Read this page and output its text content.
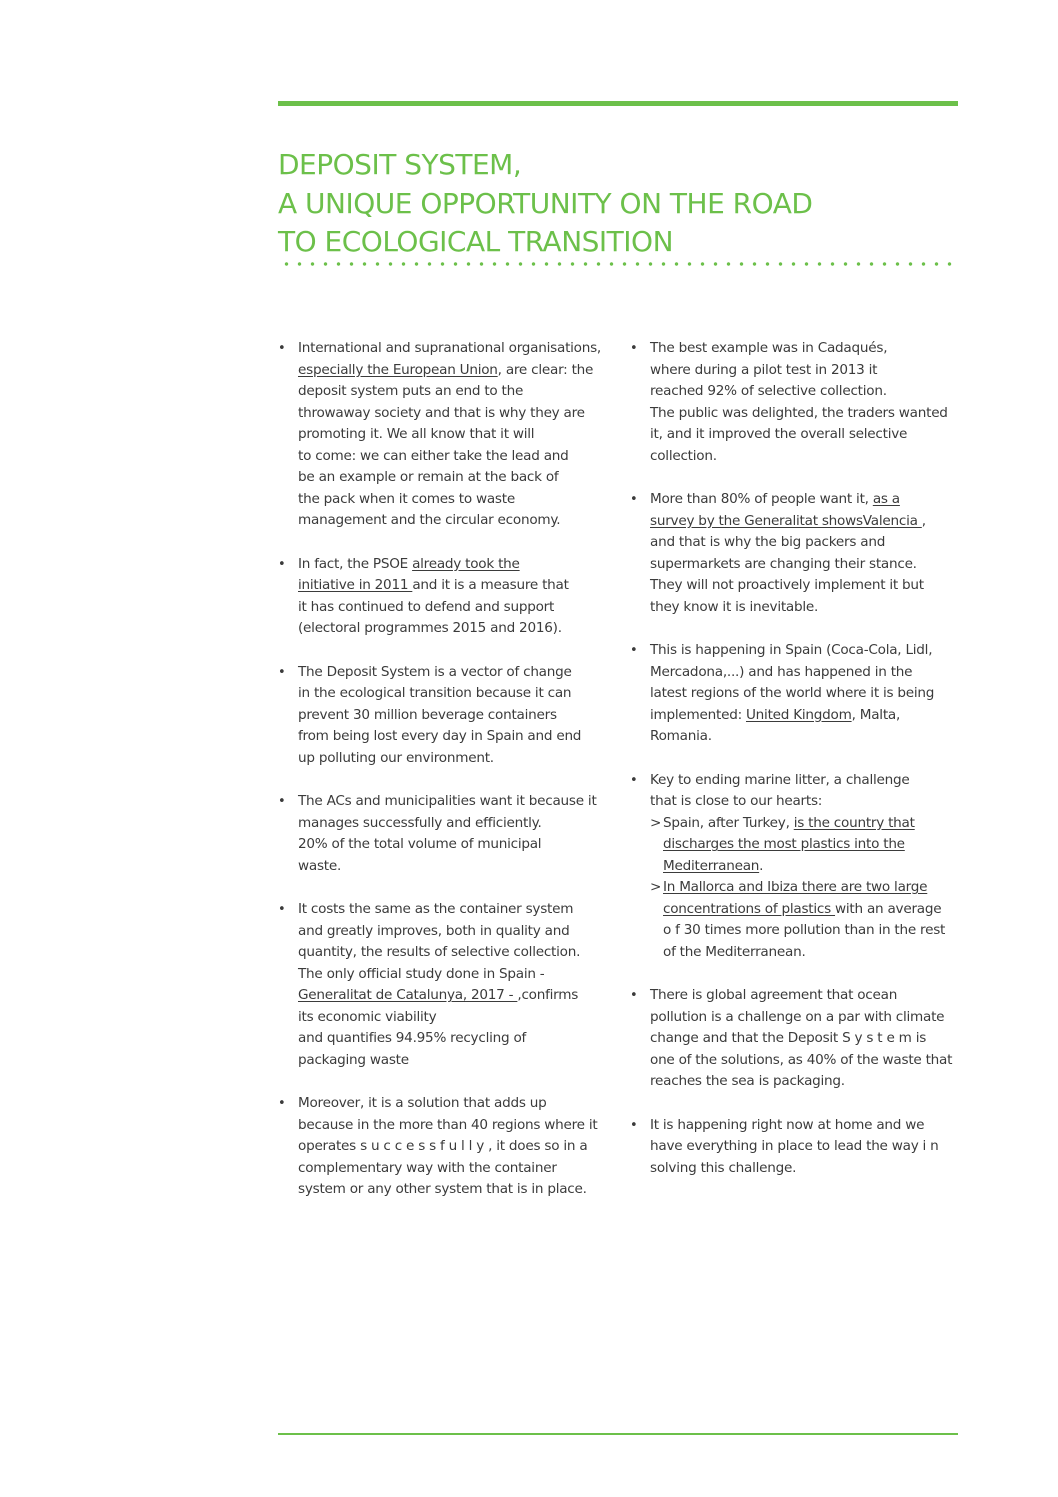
DEPOSIT SYSTEM,
A UNIQUE OPPORTUNITY ON THE ROAD
TO ECOLOGICAL TRANSITION
• International and supranational organisations,
especially the European Union, are clear: the
deposit system puts an end to the
throwaway society and that is why they are
promoting it. We all know that it will
to come: we can either take the lead and
be an example or remain at the back of
the pack when it comes to waste
management and the circular economy.
• In fact, the PSOE already took the
initiative in 2011 and it is a measure that
it has continued to defend and support
(electoral programmes 2015 and 2016).
• The Deposit System is a vector of change
in the ecological transition because it can
prevent 30 million beverage containers
from being lost every day in Spain and end
up polluting our environment.
• The ACs and municipalities want it because it
manages successfully and efficiently.
20% of the total volume of municipal
waste.
• It costs the same as the container system
and greatly improves, both in quality and
quantity, the results of selective collection.
The only official study done in Spain -
Generalitat de Catalunya, 2017 - ,confirms
its economic viability
and quantifies 94.95% recycling of
packaging waste
• Moreover, it is a solution that adds up
because in the more than 40 regions where it
operates s u c c e s s f u l l y , it does so in a
complementary way with the container
system or any other system that is in place.
• The best example was in Cadaqués,
where during a pilot test in 2013 it
reached 92% of selective collection.
The public was delighted, the traders wanted
it, and it improved the overall selective
collection.
• More than 80% of people want it, as a
survey by the Generalitat showsValencia ,
and that is why the big packers and
supermarkets are changing their stance.
They will not proactively implement it but
they know it is inevitable.
• This is happening in Spain (Coca-Cola, Lidl,
Mercadona,...) and has happened in the
latest regions of the world where it is being
implemented: United Kingdom, Malta,
Romania.
• Key to ending marine litter, a challenge
that is close to our hearts:
> Spain, after Turkey, is the country that
discharges the most plastics into the
Mediterranean.
> In Mallorca and Ibiza there are two large
concentrations of plastics with an average
o f 30 times more pollution than in the rest
of the Mediterranean.
• There is global agreement that ocean
pollution is a challenge on a par with climate
change and that the Deposit S y s t e m is
one of the solutions, as 40% of the waste that
reaches the sea is packaging.
• It is happening right now at home and we
have everything in place to lead the way i n
solving this challenge.
